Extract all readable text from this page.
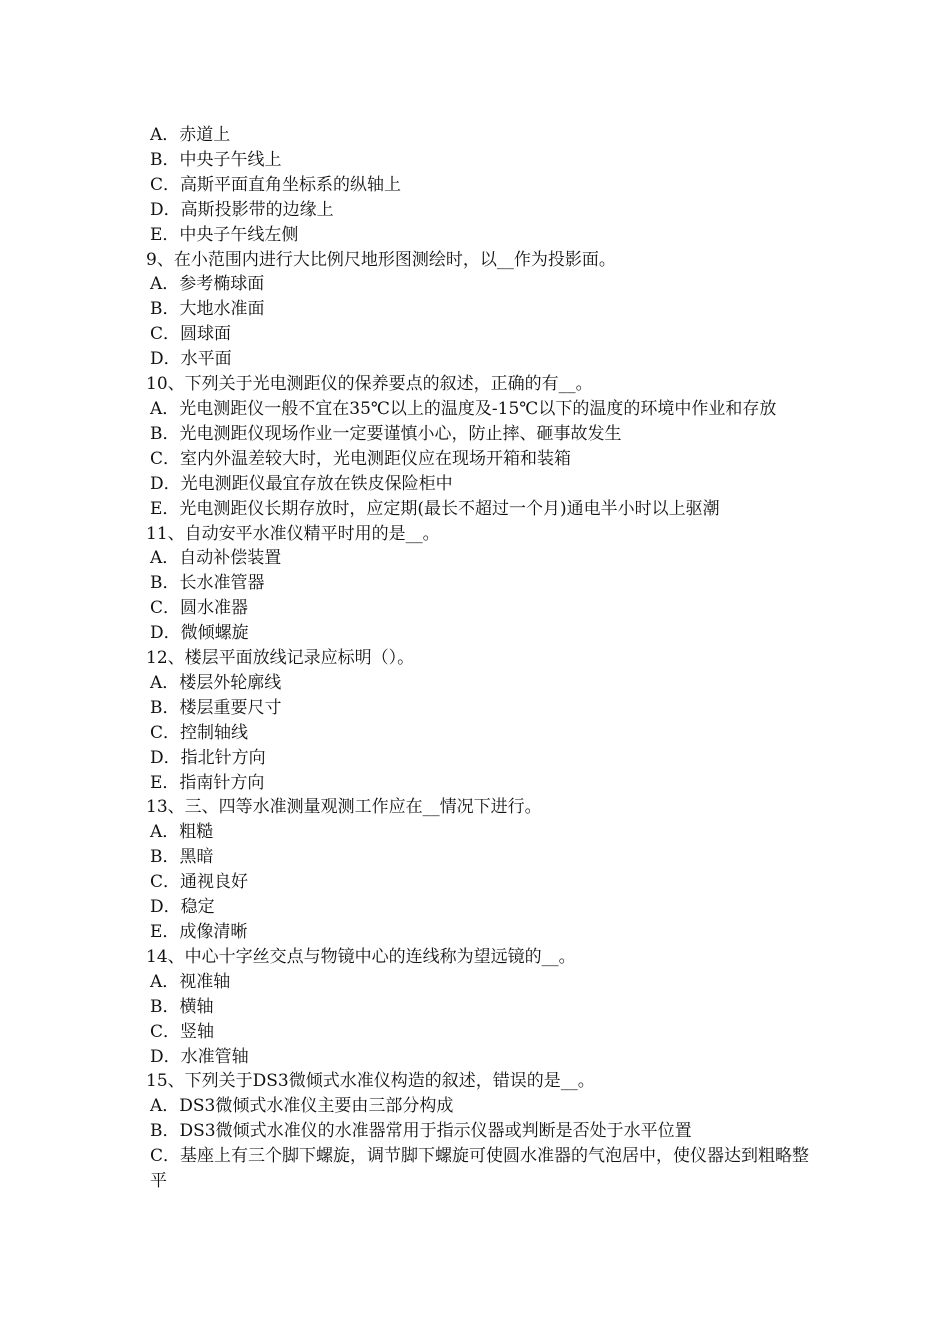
A．赤道上
B．中央子午线上
C．高斯平面直角坐标系的纵轴上
D．高斯投影带的边缘上
E．中央子午线左侧
9、在小范围内进行大比例尺地形图测绘时，以__作为投影面。
A．参考椭球面
B．大地水准面
C．圆球面
D．水平面
10、下列关于光电测距仪的保养要点的叙述，正确的有__。
A．光电测距仪一般不宜在35℃以上的温度及-15℃以下的温度的环境中作业和存放
B．光电测距仪现场作业一定要谨慎小心，防止摔、砸事故发生
C．室内外温差较大时，光电测距仪应在现场开箱和装箱
D．光电测距仪最宜存放在铁皮保险柜中
E．光电测距仪长期存放时，应定期(最长不超过一个月)通电半小时以上驱潮
11、自动安平水准仪精平时用的是__。
A．自动补偿装置
B．长水准管器
C．圆水准器
D．微倾螺旋
12、楼层平面放线记录应标明（）。
A．楼层外轮廓线
B．楼层重要尺寸
C．控制轴线
D．指北针方向
E．指南针方向
13、三、四等水准测量观测工作应在__情况下进行。
A．粗糙
B．黑暗
C．通视良好
D．稳定
E．成像清晰
14、中心十字丝交点与物镜中心的连线称为望远镜的__。
A．视准轴
B．横轴
C．竖轴
D．水准管轴
15、下列关于DS3微倾式水准仪构造的叙述，错误的是__。
A．DS3微倾式水准仪主要由三部分构成
B．DS3微倾式水准仪的水准器常用于指示仪器或判断是否处于水平位置
C．基座上有三个脚下螺旋，调节脚下螺旋可使圆水准器的气泡居中，使仪器达到粗略整平
